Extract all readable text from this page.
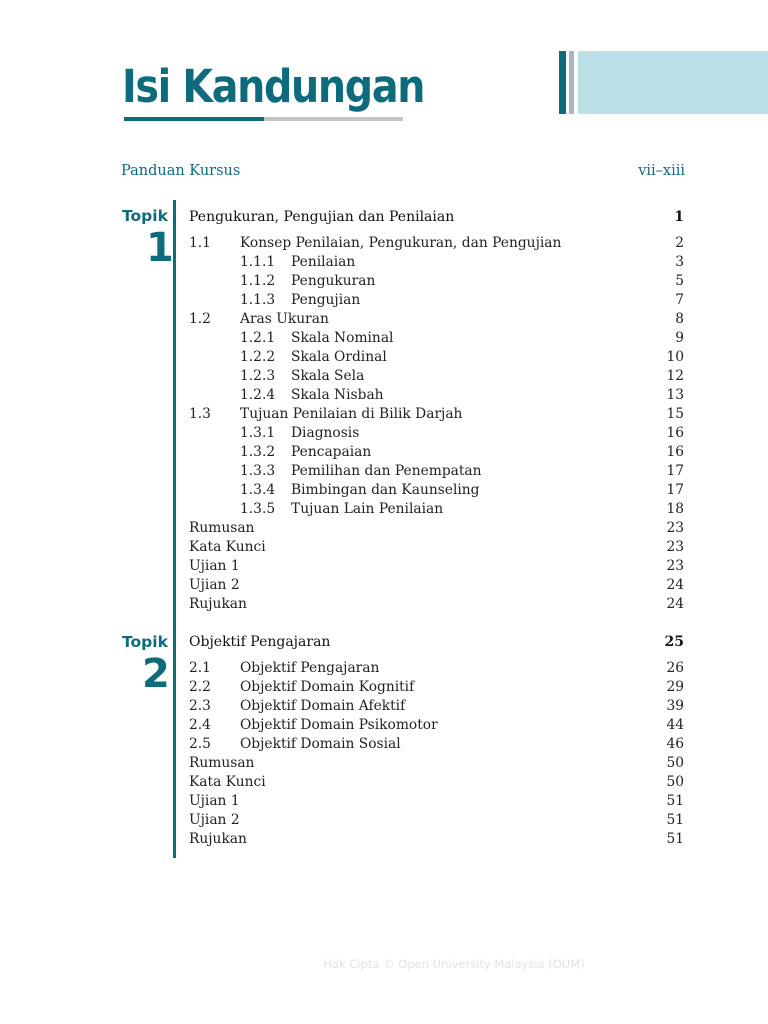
Isi Kandungan
Panduan Kursus	vii–xiii
Topik
1
Pengukuran, Pengujian dan Penilaian	1
1.1 Konsep Penilaian, Pengukuran, dan Pengujian	2
1.1.1 Penilaian	3
1.1.2 Pengukuran	5
1.1.3 Pengujian	7
1.2 Aras Ukuran	8
1.2.1 Skala Nominal	9
1.2.2 Skala Ordinal	10
1.2.3 Skala Sela	12
1.2.4 Skala Nisbah	13
1.3 Tujuan Penilaian di Bilik Darjah	15
1.3.1 Diagnosis	16
1.3.2 Pencapaian	16
1.3.3 Pemilihan dan Penempatan	17
1.3.4 Bimbingan dan Kaunseling	17
1.3.5 Tujuan Lain Penilaian	18
Rumusan	23
Kata Kunci	23
Ujian 1	23
Ujian 2	24
Rujukan	24
Topik
2
Objektif Pengajaran	25
2.1 Objektif Pengajaran	26
2.2 Objektif Domain Kognitif	29
2.3 Objektif Domain Afektif	39
2.4 Objektif Domain Psikomotor	44
2.5 Objektif Domain Sosial	46
Rumusan	50
Kata Kunci	50
Ujian 1	51
Ujian 2	51
Rujukan	51
Hak Cipta © Open University Malaysia (OUM)
